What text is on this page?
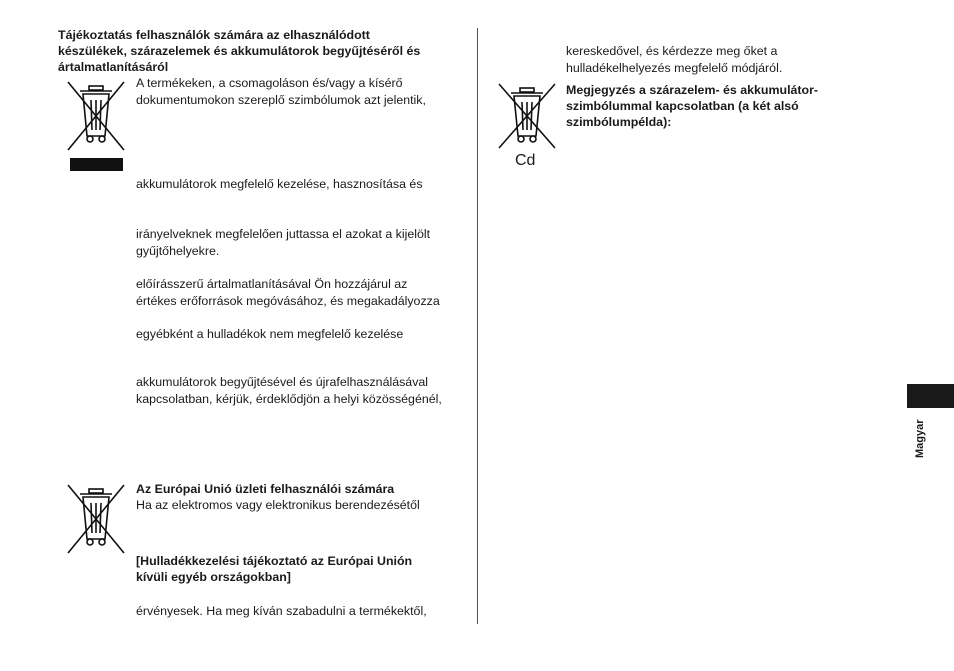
Tájékoztatás felhasználók számára az elhasználódott
készülékek, szárazelemek és akkumulátorok begyűjtéséről és
ártalmatlanításáról
A termékeken, a csomagoláson és/vagy a kísérő
dokumentumokon szereplő szimbólumok azt jelentik,
akkumulátorok megfelelő kezelése, hasznosítása és
irányelveknek megfelelően juttassa el azokat a kijelölt
gyűjtőhelyekre.
előírásszerű ártalmatlanításával Ön hozzájárul az
értékes erőforrások megóvásához, és megakadályozza
egyébként a hulladékok nem megfelelő kezelése
akkumulátorok begyűjtésével és újrafelhasználásával
kapcsolatban, kérjük, érdeklődjön a helyi közösségénél,
Az Európai Unió üzleti felhasználói számára
Ha az elektromos vagy elektronikus berendezésétől
[Hulladékkezelési tájékoztató az Európai Unión
kívüli egyéb országokban]
érvényesek. Ha meg kíván szabadulni a termékektől,
kereskedővel, és kérdezze meg őket a
hulladékelhelyezés megfelelő módjáról.
Cd
Megjegyzés a szárazelem- és akkumulátor-
szimbólummal kapcsolatban (a két alsó
szimbólumpélda):
Magyar
